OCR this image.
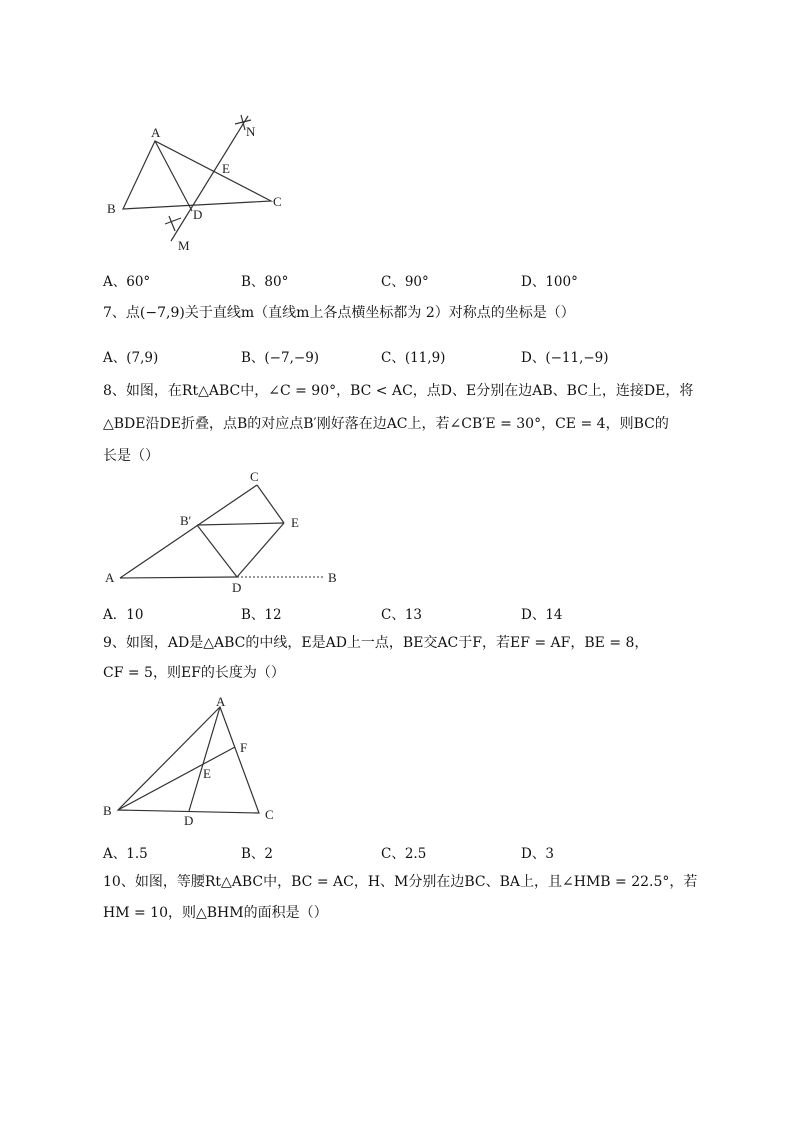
A
B	C
D
E
M
N
A、60°	B、80°	C、90°	D、100°
7、点(−7,9)关于直线m（直线m上各点横坐标都为 2）对称点的坐标是（）
A、(7,9)	B、(−7,−9)	C、(11,9)	D、(−11,−9)
8、如图，在Rt△ABC中，∠C = 90°，BC < AC，点D、E分别在边AB、BC上，连接DE，将
△BDE沿DE折叠，点B的对应点B′刚好落在边AC上，若∠CB′E = 30°，CE = 4，则BC的
长是（）
A	B
B'
C
D
E
A．10	B、12	C、13	D、14
9、如图，AD是△ABC的中线，E是AD上一点，BE交AC于F，若EF = AF，BE = 8，
CF = 5，则EF的长度为（）
A
B	C
D
E
F
A、1.5	B、2	C、2.5	D、3
10、如图，等腰Rt△ABC中，BC = AC，H、M分别在边BC、BA上，且∠HMB = 22.5°，若
HM = 10，则△BHM的面积是（）
